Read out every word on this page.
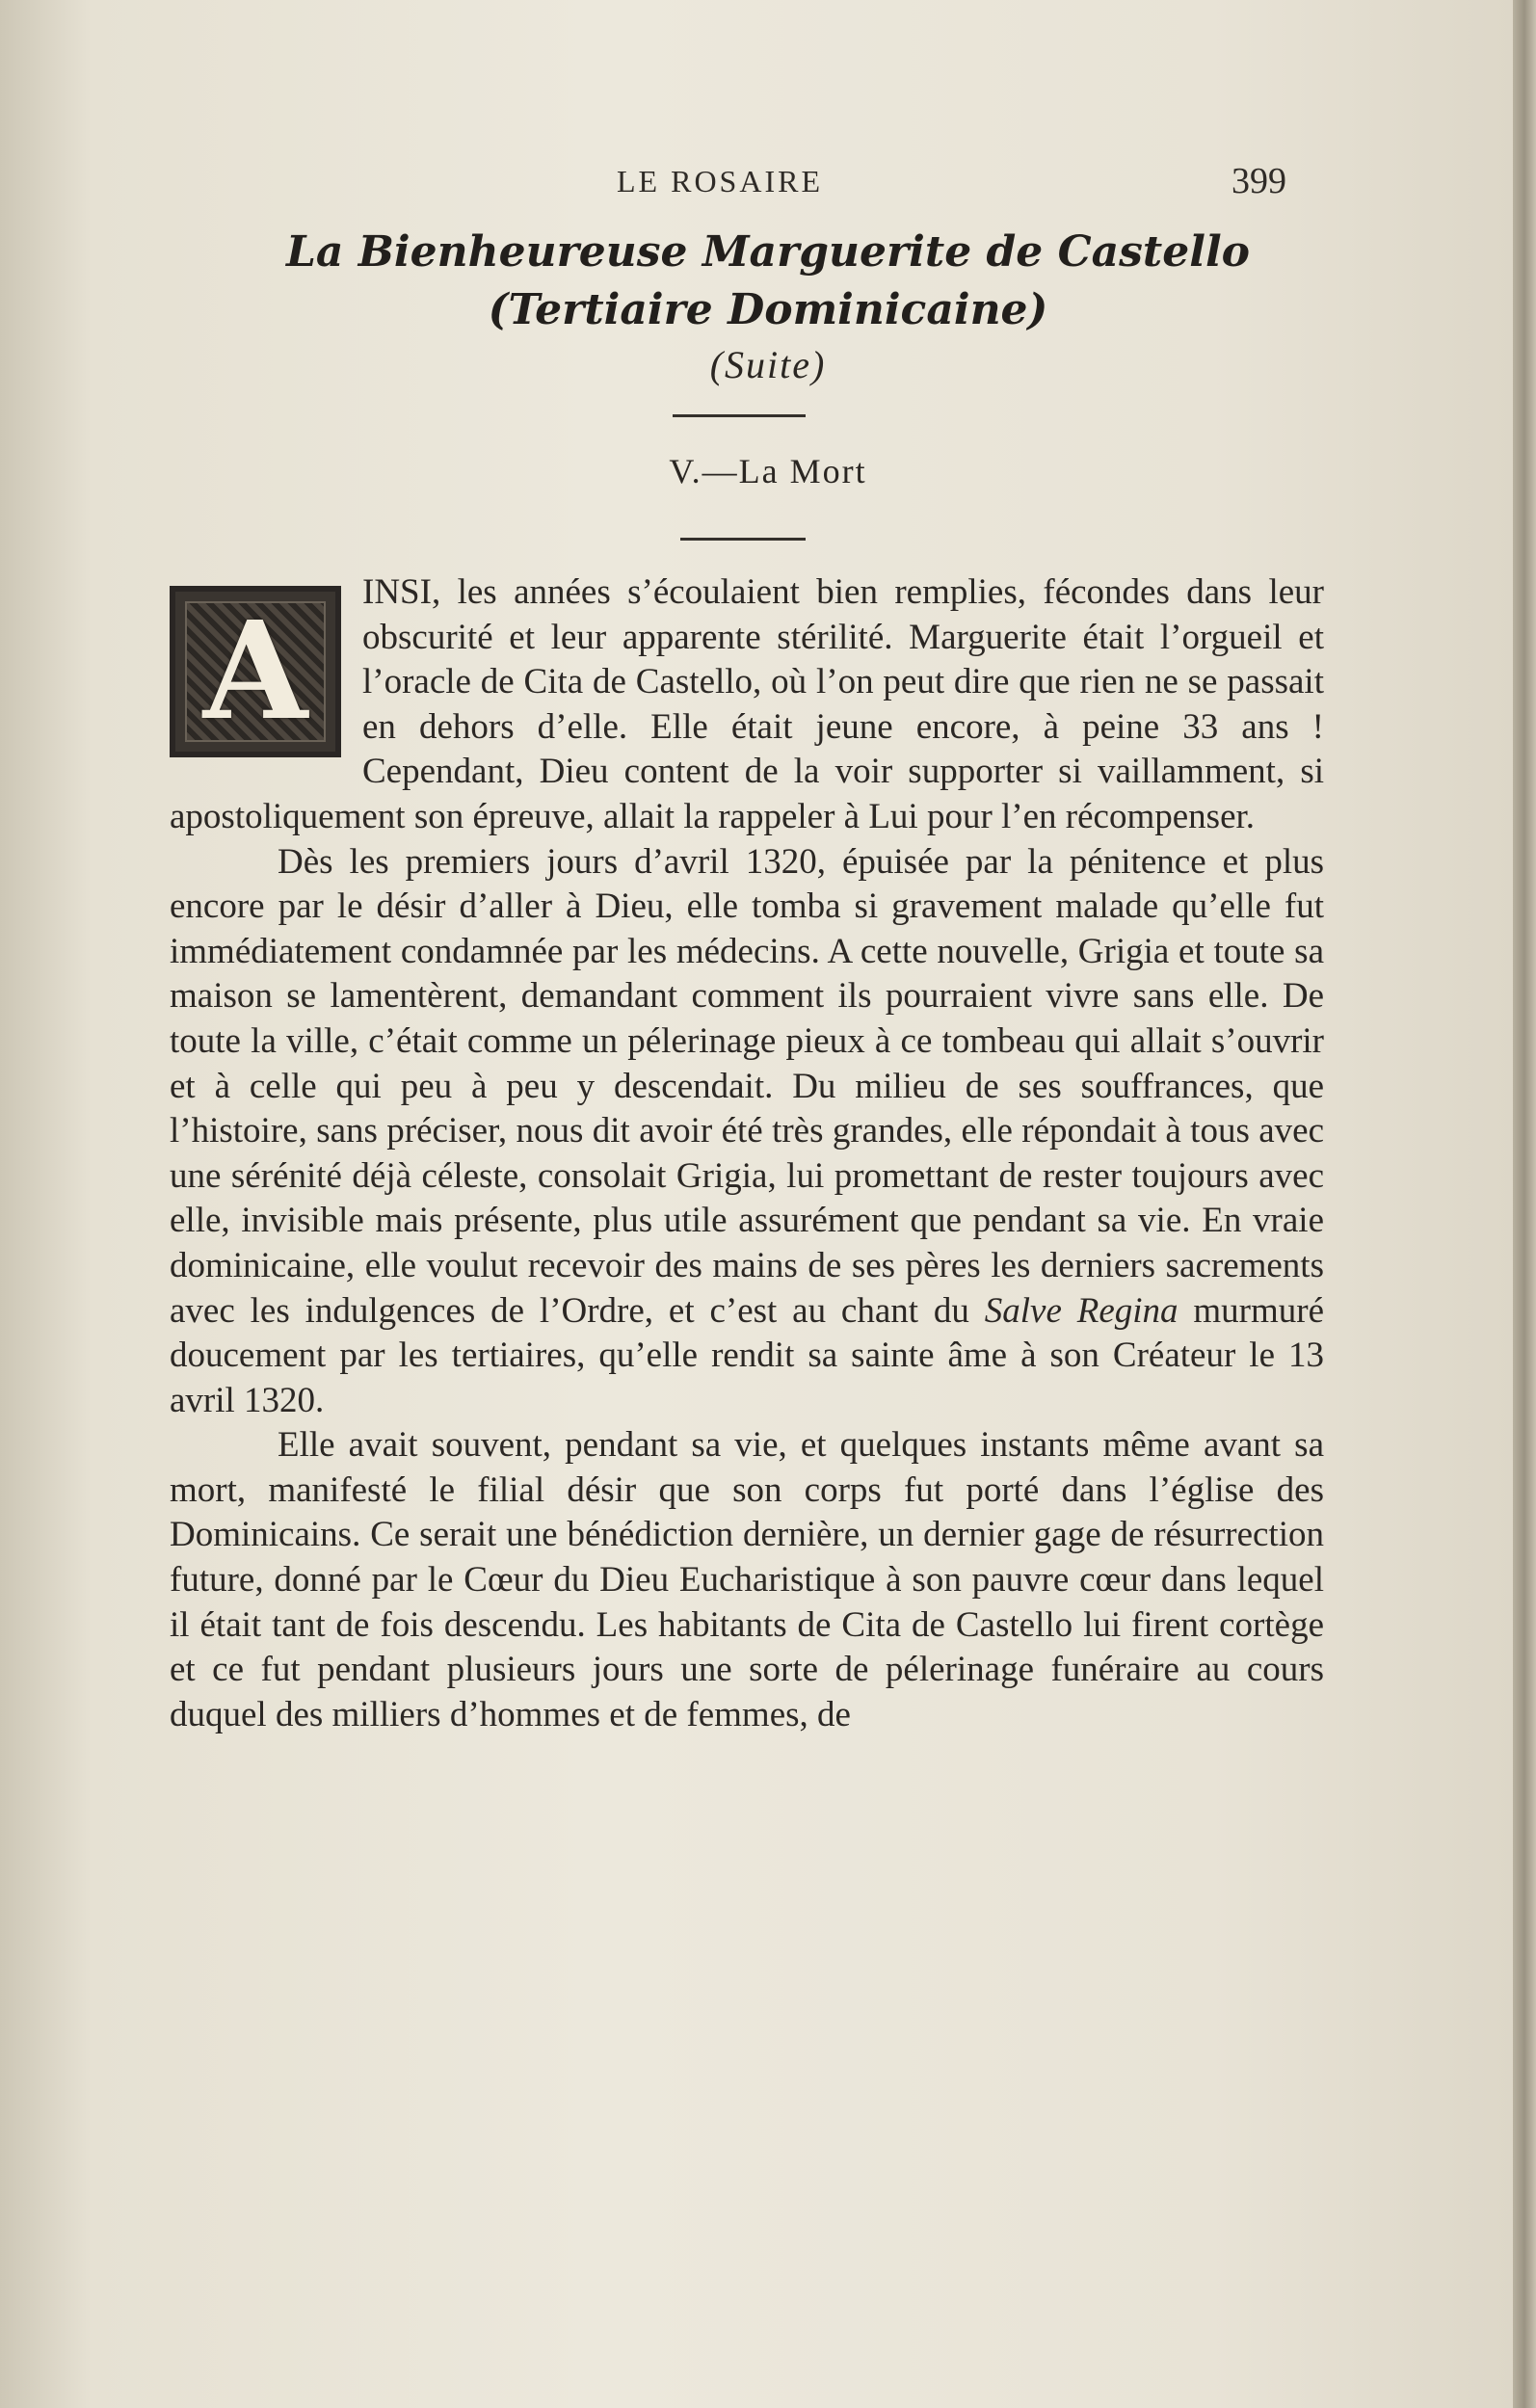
LE ROSAIRE	399
La Bienheureuse Marguerite de Castello
(Tertiaire Dominicaine)
(Suite)
V.—La Mort

A
INSI, les années s’écoulaient bien remplies, fécondes dans leur obscurité et leur apparente stérilité. Marguerite était l’orgueil et l’oracle de Cita de Castello, où l’on peut dire que rien ne se passait en dehors d’elle. Elle était jeune encore, à peine 33 ans ! Cependant, Dieu content de la voir supporter si vaillamment, si apostoliquement son épreuve, allait la rappeler à Lui pour l’en récompenser.

Dès les premiers jours d’avril 1320, épuisée par la pénitence et plus encore par le désir d’aller à Dieu, elle tomba si gravement malade qu’elle fut immédiatement condamnée par les médecins. A cette nouvelle, Grigia et toute sa maison se lamentèrent, demandant comment ils pourraient vivre sans elle. De toute la ville, c’était comme un pélerinage pieux à ce tombeau qui allait s’ouvrir et à celle qui peu à peu y descendait. Du milieu de ses souffrances, que l’histoire, sans préciser, nous dit avoir été très grandes, elle répondait à tous avec une sérénité déjà céleste, consolait Grigia, lui promettant de rester toujours avec elle, invisible mais présente, plus utile assurément que pendant sa vie. En vraie dominicaine, elle voulut recevoir des mains de ses pères les derniers sacrements avec les indulgences de l’Ordre, et c’est au chant du Salve Regina murmuré doucement par les tertiaires, qu’elle rendit sa sainte âme à son Créateur le 13 avril 1320.

Elle avait souvent, pendant sa vie, et quelques instants même avant sa mort, manifesté le filial désir que son corps fut porté dans l’église des Dominicains. Ce serait une bénédiction dernière, un dernier gage de résurrection future, donné par le Cœur du Dieu Eucharistique à son pauvre cœur dans lequel il était tant de fois descendu. Les habitants de Cita de Castello lui firent cortège et ce fut pendant plusieurs jours une sorte de pélerinage funéraire au cours duquel des milliers d’hommes et de femmes, de
